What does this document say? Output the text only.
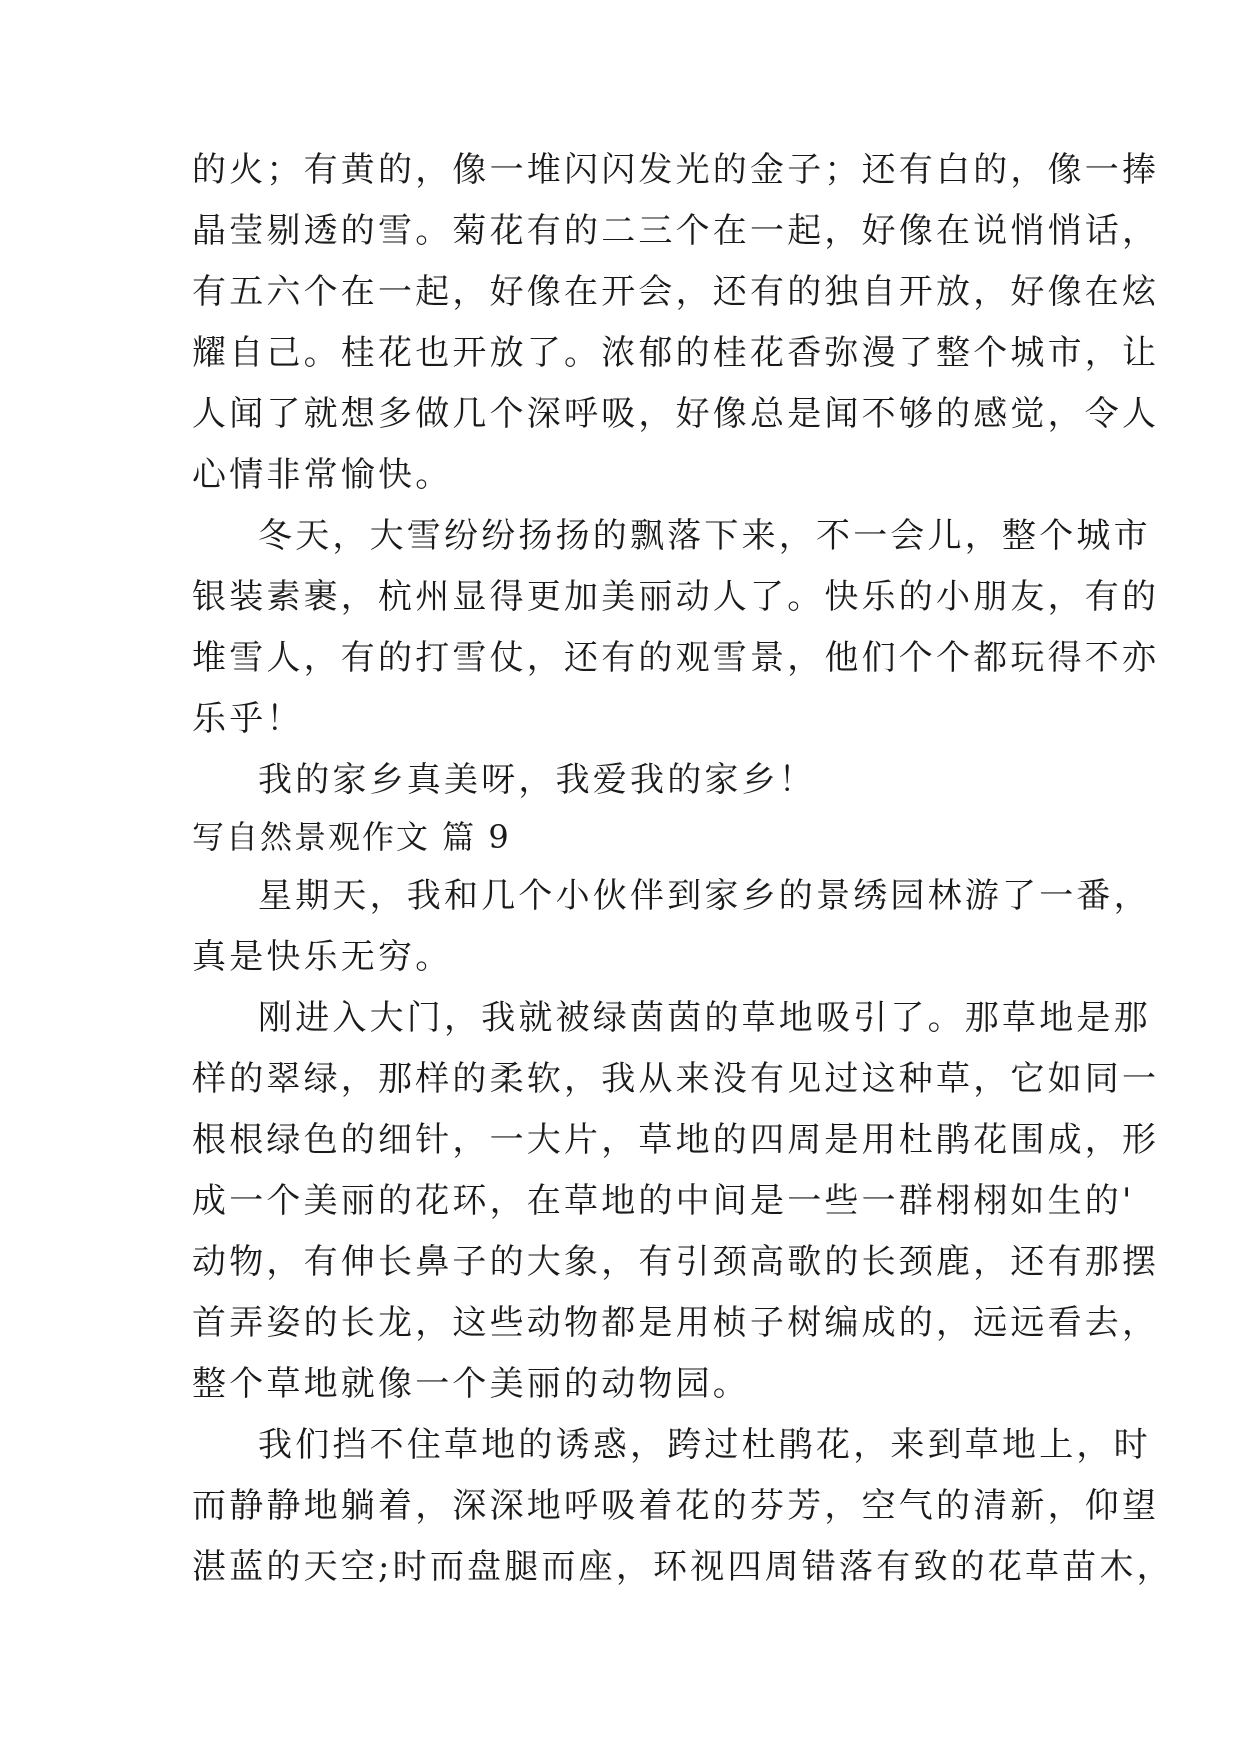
的火；有黄的，像一堆闪闪发光的金子；还有白的，像一捧
晶莹剔透的雪。菊花有的二三个在一起，好像在说悄悄话，
有五六个在一起，好像在开会，还有的独自开放，好像在炫
耀自己。桂花也开放了。浓郁的桂花香弥漫了整个城市，让
人闻了就想多做几个深呼吸，好像总是闻不够的感觉，令人
心情非常愉快。
冬天，大雪纷纷扬扬的飘落下来，不一会儿，整个城市
银装素裹，杭州显得更加美丽动人了。快乐的小朋友，有的
堆雪人，有的打雪仗，还有的观雪景，他们个个都玩得不亦
乐乎！
我的家乡真美呀，我爱我的家乡！
写自然景观作文 篇 9
星期天，我和几个小伙伴到家乡的景绣园林游了一番，
真是快乐无穷。
刚进入大门，我就被绿茵茵的草地吸引了。那草地是那
样的翠绿，那样的柔软，我从来没有见过这种草，它如同一
根根绿色的细针，一大片，草地的四周是用杜鹃花围成，形
成一个美丽的花环，在草地的中间是一些一群栩栩如生的'
动物，有伸长鼻子的大象，有引颈高歌的长颈鹿，还有那摆
首弄姿的长龙，这些动物都是用桢子树编成的，远远看去，
整个草地就像一个美丽的动物园。
我们挡不住草地的诱惑，跨过杜鹃花，来到草地上，时
而静静地躺着，深深地呼吸着花的芬芳，空气的清新，仰望
湛蓝的天空;时而盘腿而座，环视四周错落有致的花草苗木，
